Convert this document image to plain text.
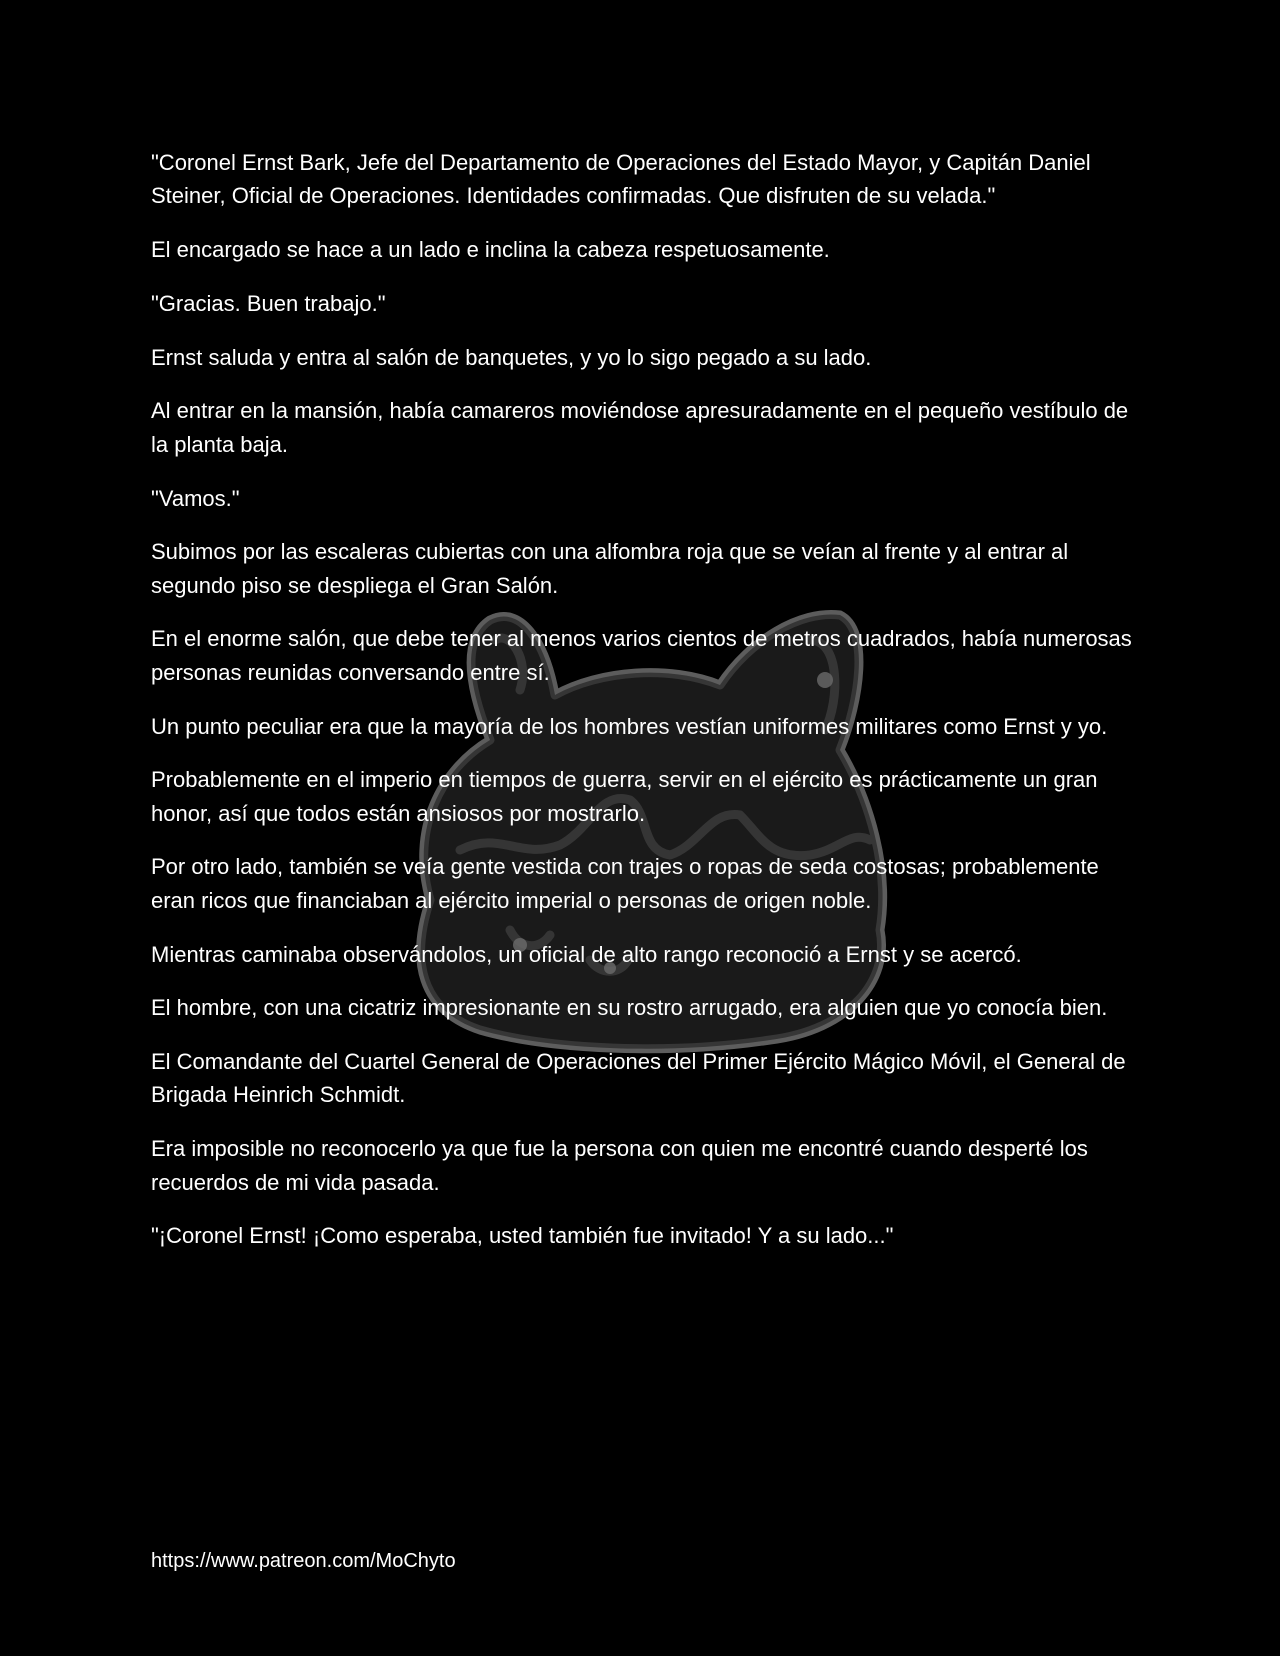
"Coronel Ernst Bark, Jefe del Departamento de Operaciones del Estado Mayor, y Capitán Daniel Steiner, Oficial de Operaciones. Identidades confirmadas. Que disfruten de su velada."

El encargado se hace a un lado e inclina la cabeza respetuosamente.

"Gracias. Buen trabajo."

Ernst saluda y entra al salón de banquetes, y yo lo sigo pegado a su lado.

Al entrar en la mansión, había camareros moviéndose apresuradamente en el pequeño vestíbulo de la planta baja.

"Vamos."

Subimos por las escaleras cubiertas con una alfombra roja que se veían al frente y al entrar al segundo piso se despliega el Gran Salón.

En el enorme salón, que debe tener al menos varios cientos de metros cuadrados, había numerosas personas reunidas conversando entre sí.

Un punto peculiar era que la mayoría de los hombres vestían uniformes militares como Ernst y yo.

Probablemente en el imperio en tiempos de guerra, servir en el ejército es prácticamente un gran honor, así que todos están ansiosos por mostrarlo.

Por otro lado, también se veía gente vestida con trajes o ropas de seda costosas; probablemente eran ricos que financiaban al ejército imperial o personas de origen noble.

Mientras caminaba observándolos, un oficial de alto rango reconoció a Ernst y se acercó.

El hombre, con una cicatriz impresionante en su rostro arrugado, era alguien que yo conocía bien.

El Comandante del Cuartel General de Operaciones del Primer Ejército Mágico Móvil, el General de Brigada Heinrich Schmidt.

Era imposible no reconocerlo ya que fue la persona con quien me encontré cuando desperté los recuerdos de mi vida pasada.

"¡Coronel Ernst! ¡Como esperaba, usted también fue invitado! Y a su lado..."

https://www.patreon.com/MoChyto
